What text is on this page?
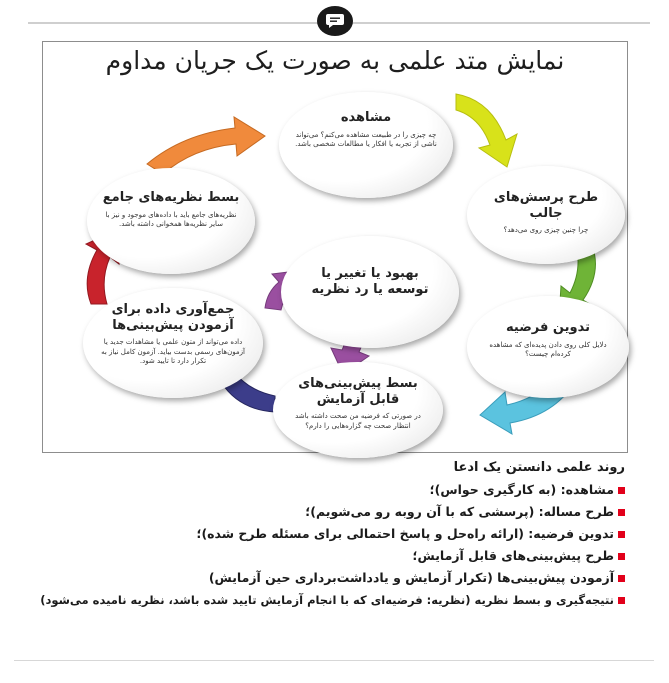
نمایش متد علمی به صورت یک جریان مداوم
مشاهده
چه چیزی را در طبیعت مشاهده می‌کنم؟ می‌تواند ناشی از تجربه یا افکار یا مطالعات شخصی باشد.
طرح پرسش‌های جالب
چرا چنین چیزی روی می‌دهد؟
تدوین فرضیه
دلایل کلی روی دادن پدیده‌ای که مشاهده کرده‌ام چیست؟
بسط پیش‌بینی‌های قابل آزمایش
در صورتی که فرضیه من صحت داشته باشد انتظار صحت چه گزاره‌هایی را دارم؟
جمع‌آوری داده برای آزمودن پیش‌بینی‌ها
داده می‌تواند از متون علمی یا مشاهدات جدید یا آزمون‌های رسمی بدست بیاید. آزمون کامل نیاز به تکرار دارد تا تایید شود.
بسط نظریه‌های جامع
نظریه‌های جامع باید با داده‌های موجود و نیز با سایر نظریه‌ها همخوانی داشته باشد.
بهبود یا تغییر یا توسعه یا رد نظریه
روند علمی دانستن یک ادعا
مشاهده: (به کارگیری حواس)؛
طرح مساله: (پرسشی که با آن روبه رو می‌شویم)؛
تدوین فرضیه: (ارائه راه‌حل و پاسخ احتمالی برای مسئله طرح شده)؛
طرح پیش‌بینی‌های قابل آزمایش؛
آزمودن پیش‌بینی‌ها (تکرار آزمایش و یادداشت‌برداری حین آزمایش)
نتیجه‌گیری و بسط نظریه (نظریه: فرضیه‌ای که با انجام آزمایش تایید شده باشد، نظریه نامیده می‌شود)
